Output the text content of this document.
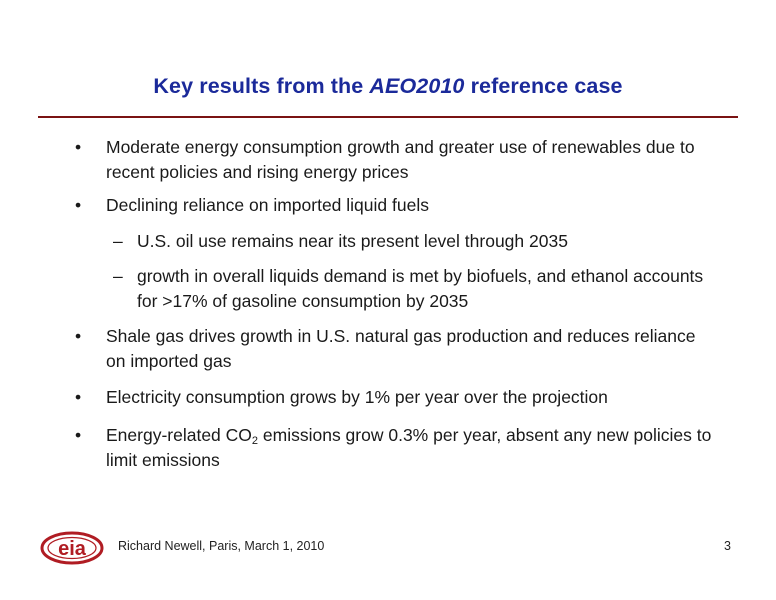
Key results from the AEO2010 reference case
• Moderate energy consumption growth and greater use of renewables due to recent policies and rising energy prices
• Declining reliance on imported liquid fuels
– U.S. oil use remains near its present level through 2035
– growth in overall liquids demand is met by biofuels, and ethanol accounts for >17% of gasoline consumption by 2035
• Shale gas drives growth in U.S. natural gas production and reduces reliance on imported gas
• Electricity consumption grows by 1% per year over the projection
• Energy-related $CO_2$ emissions grow 0.3% per year, absent any new policies to limit emissions
eia	Richard Newell, Paris, March 1, 2010	3
